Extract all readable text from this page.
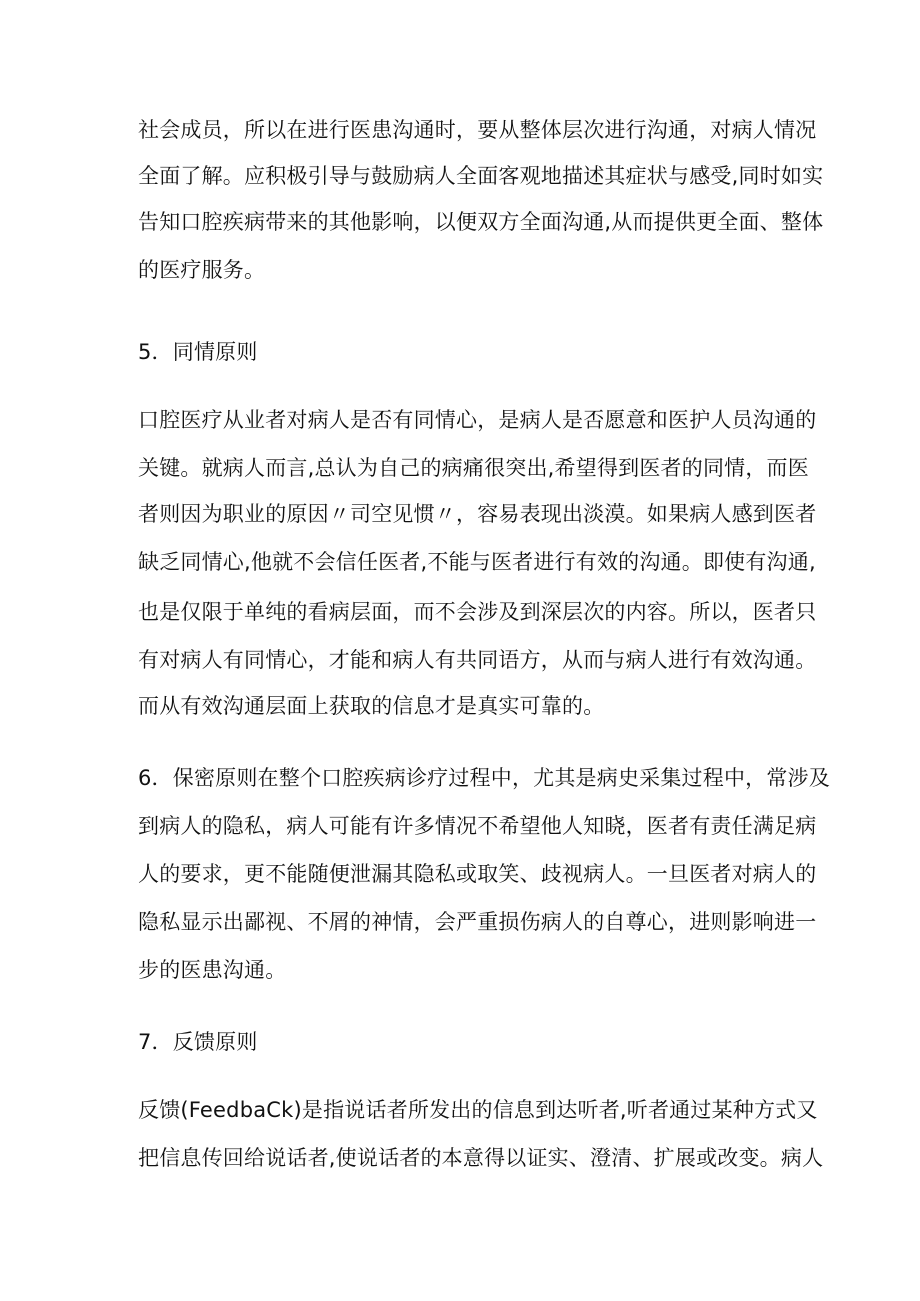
社会成员，所以在进行医患沟通时，要从整体层次进行沟通，对病人情况
全面了解。应积极引导与鼓励病人全面客观地描述其症状与感受,同时如实
告知口腔疾病带来的其他影响，以便双方全面沟通,从而提供更全面、整体
的医疗服务。
5．同情原则
口腔医疗从业者对病人是否有同情心，是病人是否愿意和医护人员沟通的
关键。就病人而言,总认为自己的病痛很突出,希望得到医者的同情，而医
者则因为职业的原因〃司空见惯〃，容易表现出淡漠。如果病人感到医者
缺乏同情心,他就不会信任医者,不能与医者进行有效的沟通。即使有沟通,
也是仅限于单纯的看病层面，而不会涉及到深层次的内容。所以，医者只
有对病人有同情心，才能和病人有共同语方，从而与病人进行有效沟通。
而从有效沟通层面上获取的信息才是真实可靠的。
6．保密原则在整个口腔疾病诊疗过程中，尤其是病史采集过程中，常涉及
到病人的隐私，病人可能有许多情况不希望他人知晓，医者有责任满足病
人的要求，更不能随便泄漏其隐私或取笑、歧视病人。一旦医者对病人的
隐私显示出鄙视、不屑的神情，会严重损伤病人的自尊心，进则影响进一
步的医患沟通。
7．反馈原则
反馈(FeedbaCk)是指说话者所发出的信息到达听者,听者通过某种方式又
把信息传回给说话者,使说话者的本意得以证实、澄清、扩展或改变。病人
